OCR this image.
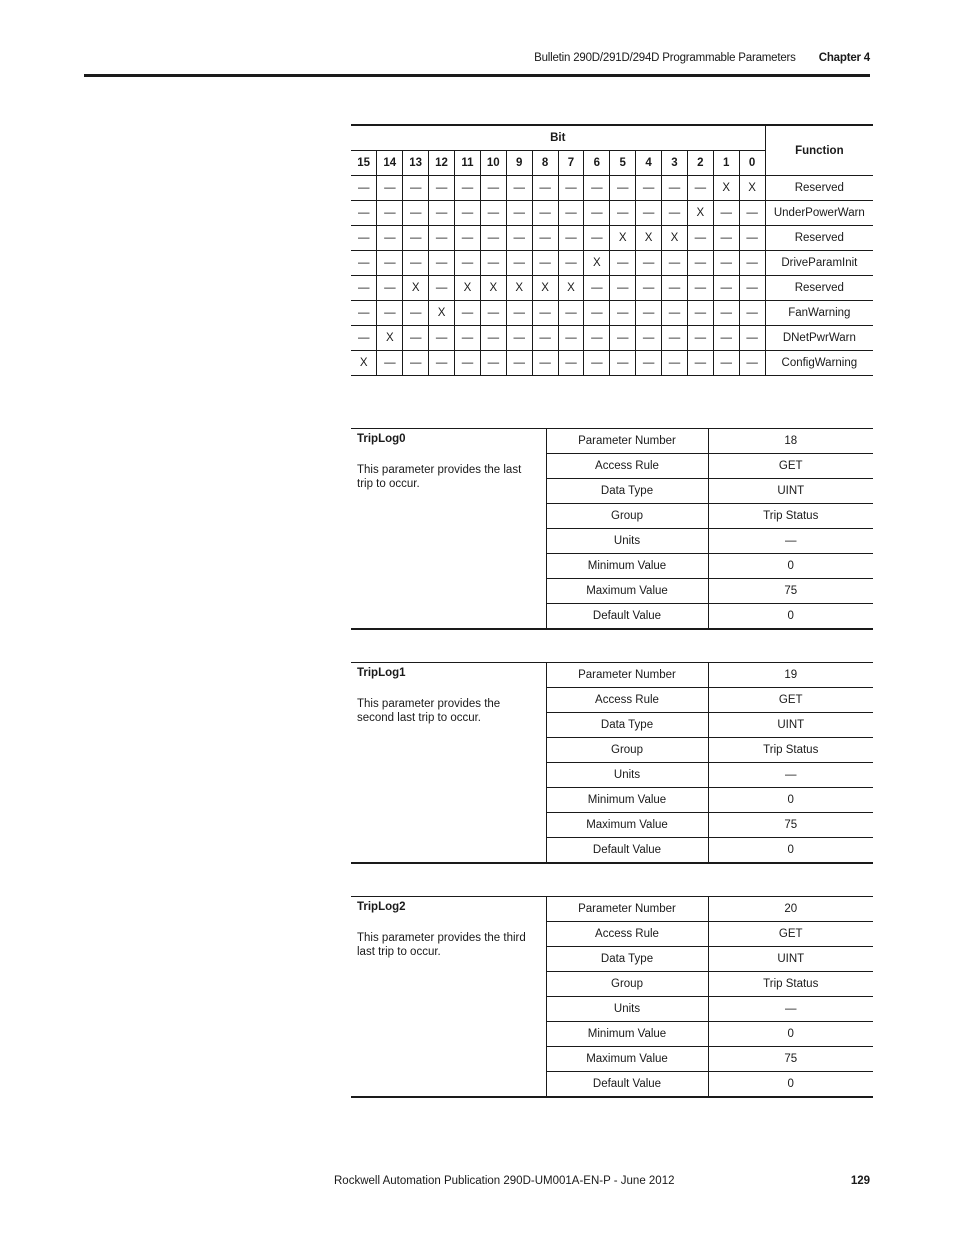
Bulletin 290D/291D/294D Programmable Parameters Chapter 4
Bit																Function
15	14	13	12	11	10	9	8	7	6	5	4	3	2	1	0	
—	—	—	—	—	—	—	—	—	—	—	—	—	—	X	X	Reserved
—	—	—	—	—	—	—	—	—	—	—	—	—	X	—	—	UnderPowerWarn
—	—	—	—	—	—	—	—	—	—	X	X	X	—	—	—	Reserved
—	—	—	—	—	—	—	—	—	X	—	—	—	—	—	—	DriveParamInit
—	—	X	—	X	X	X	X	X	—	—	—	—	—	—	—	Reserved
—	—	—	X	—	—	—	—	—	—	—	—	—	—	—	—	FanWarning
—	X	—	—	—	—	—	—	—	—	—	—	—	—	—	—	DNetPwrWarn
X	—	—	—	—	—	—	—	—	—	—	—	—	—	—	—	ConfigWarning
TripLog0
This parameter provides the last trip to occur.	Parameter Number	18
	Access Rule	GET
	Data Type	UINT
	Group	Trip Status
	Units	—
	Minimum Value	0
	Maximum Value	75
	Default Value	0
TripLog1
This parameter provides the second last trip to occur.	Parameter Number	19
	Access Rule	GET
	Data Type	UINT
	Group	Trip Status
	Units	—
	Minimum Value	0
	Maximum Value	75
	Default Value	0
TripLog2
This parameter provides the third last trip to occur.	Parameter Number	20
	Access Rule	GET
	Data Type	UINT
	Group	Trip Status
	Units	—
	Minimum Value	0
	Maximum Value	75
	Default Value	0
Rockwell Automation Publication 290D-UM001A-EN-P - June 2012	129
